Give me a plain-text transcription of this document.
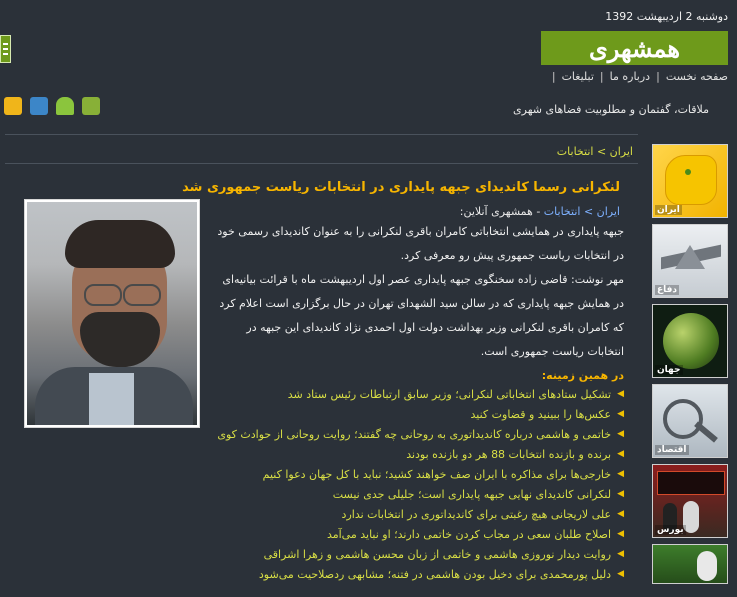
دوشنبه 2 اردیبهشت 1392
همشهری
صفحه نخست
|
درباره ما
|
تبلیغات
|
ملاقات، گفتمان و مطلوبیت فضاهای شهری
ایران > انتخابات
لنکرانی رسما کاندیدای جبهه پایداری در انتخابات ریاست جمهوری شد
ایران > انتخابات - همشهری آنلاین:
جبهه پایداری در همایشی انتخاباتی کامران باقری لنکرانی را به عنوان کاندیدای رسمی خود در انتخابات ریاست جمهوری پیش رو معرفی کرد.
مهر نوشت: قاضی زاده سخنگوی جبهه پایداری عصر اول اردیبهشت ماه با قرائت بیانیه‌ای در همایش جبهه پایداری که در سالن سید الشهدای تهران در حال برگزاری است اعلام کرد که کامران باقری لنکرانی وزیر بهداشت دولت اول احمدی نژاد کاندیدای این جبهه در انتخابات ریاست جمهوری است.
در همین زمینه:
◀
تشکیل ستادهای انتخاباتی لنکرانی؛ وزیر سابق ارتباطات رئیس ستاد شد
◀
عکس‌ها را ببینید و قضاوت کنید
◀
خاتمی و هاشمی درباره کاندیداتوری به روحانی چه گفتند؛ روایت روحانی از حوادث کوی
◀
برنده و بازنده انتخابات 88 هر دو بازنده بودند
◀
خارجی‌ها برای مذاکره با ایران صف خواهند کشید؛ نباید با کل جهان دعوا کنیم
◀
لنکرانی کاندیدای نهایی جبهه پایداری است؛ جلیلی جدی نیست
◀
علی لاریجانی هیچ رغبتی برای کاندیداتوری در انتخابات ندارد
◀
اصلاح طلبان سعی در مجاب کردن خاتمی دارند؛ او نباید می‌آمد
◀
روایت دیدار نوروزی هاشمی و خاتمی از زبان محسن هاشمی و زهرا اشراقی
◀
دلیل پورمحمدی برای دخیل بودن هاشمی در فتنه؛ مشابهی ردصلاحیت می‌شود
ایران
دفاع
جهان
اقتصاد
بورس
